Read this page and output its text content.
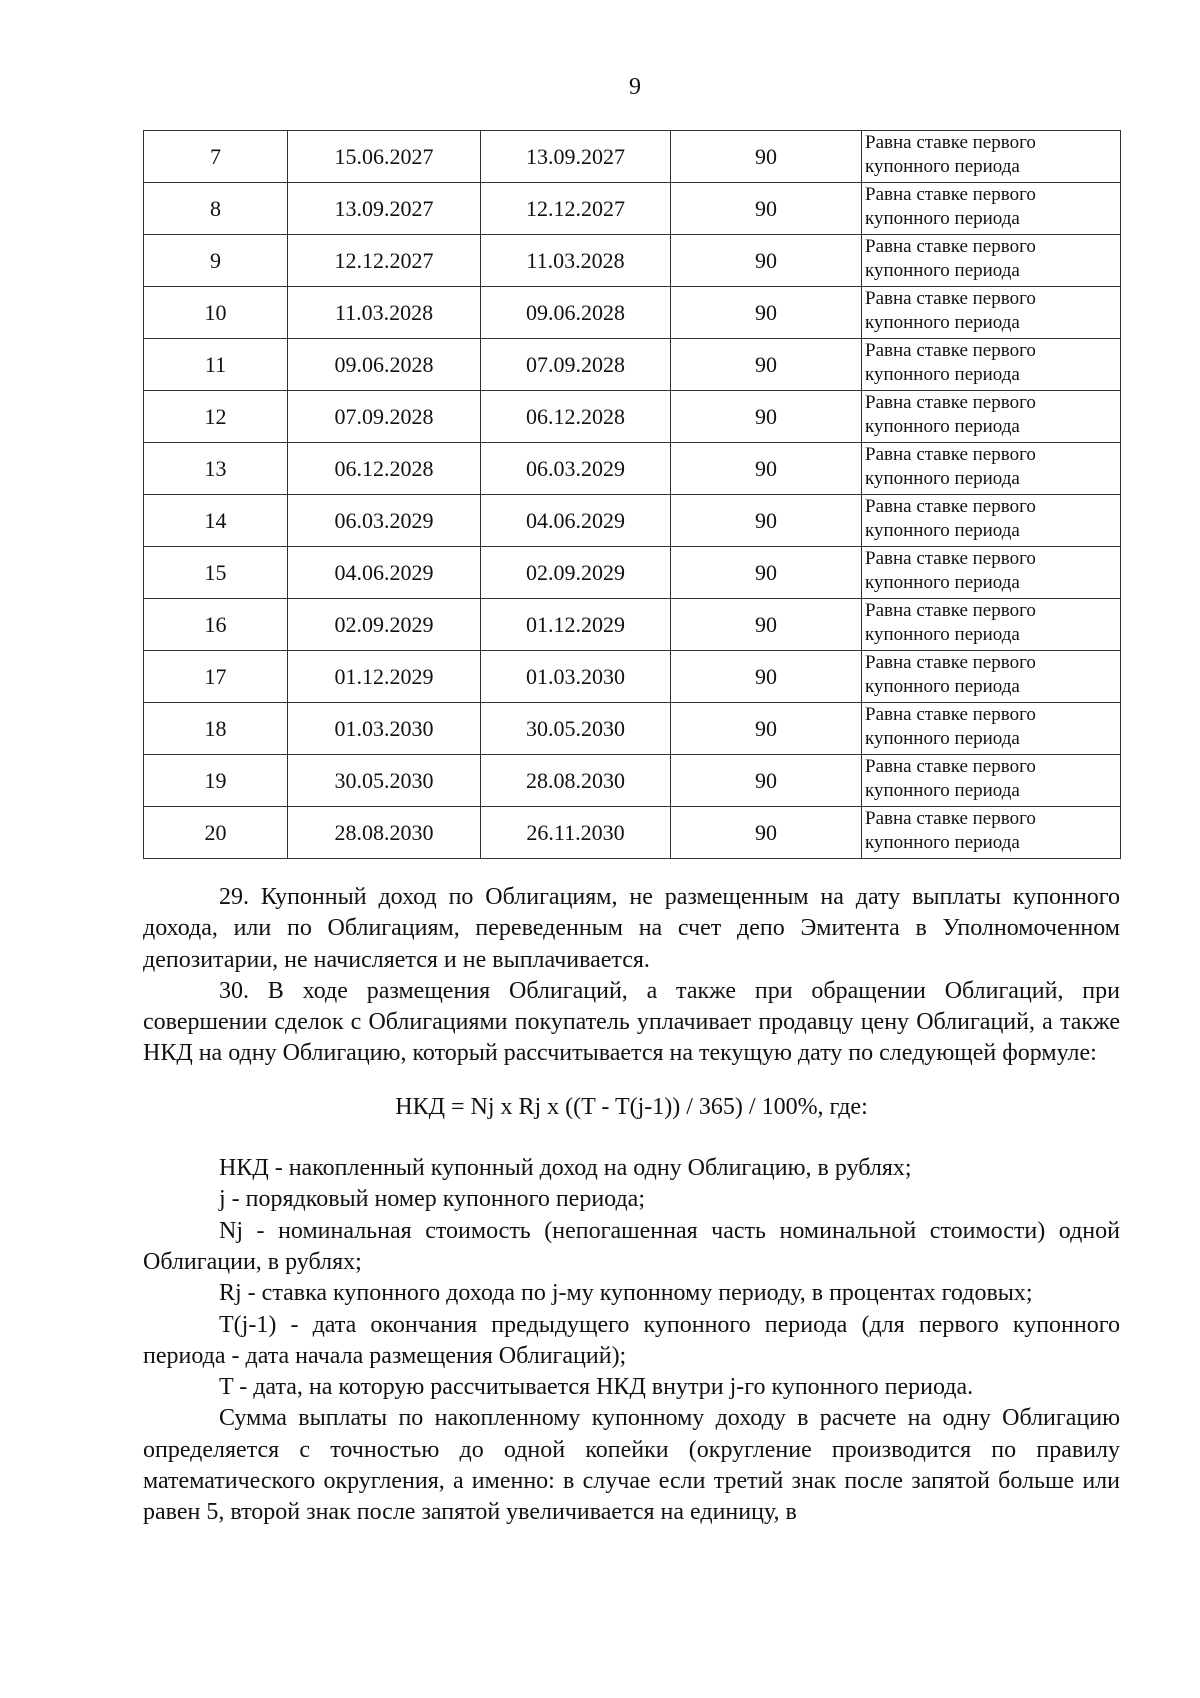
9
7	15.06.2027	13.09.2027	90	Равна ставке первого
купонного периода

8	13.09.2027	12.12.2027	90	Равна ставке первого
купонного периода

9	12.12.2027	11.03.2028	90	Равна ставке первого
купонного периода

10	11.03.2028	09.06.2028	90	Равна ставке первого
купонного периода

11	09.06.2028	07.09.2028	90	Равна ставке первого
купонного периода

12	07.09.2028	06.12.2028	90	Равна ставке первого
купонного периода

13	06.12.2028	06.03.2029	90	Равна ставке первого
купонного периода

14	06.03.2029	04.06.2029	90	Равна ставке первого
купонного периода

15	04.06.2029	02.09.2029	90	Равна ставке первого
купонного периода

16	02.09.2029	01.12.2029	90	Равна ставке первого
купонного периода

17	01.12.2029	01.03.2030	90	Равна ставке первого
купонного периода

18	01.03.2030	30.05.2030	90	Равна ставке первого
купонного периода

19	30.05.2030	28.08.2030	90	Равна ставке первого
купонного периода

20	28.08.2030	26.11.2030	90	Равна ставке первого
купонного периода

29. Купонный доход по Облигациям, не размещенным на дату выплаты купонного дохода, или по Облигациям, переведенным на счет депо Эмитента в Уполномоченном депозитарии, не начисляется и не выплачивается.

30. В ходе размещения Облигаций, а также при обращении Облигаций, при совершении сделок с Облигациями покупатель уплачивает продавцу цену Облигаций, а также НКД на одну Облигацию, который рассчитывается на текущую дату по следующей формуле:

НКД = Nj x Rj x ((T - T(j-1)) / 365) / 100%, где:

НКД - накопленный купонный доход на одну Облигацию, в рублях;

j - порядковый номер купонного периода;

Nj - номинальная стоимость (непогашенная часть номинальной стоимости) одной Облигации, в рублях;

Rj - ставка купонного дохода по j-му купонному периоду, в процентах годовых;

T(j-1) - дата окончания предыдущего купонного периода (для первого купонного периода - дата начала размещения Облигаций);

T - дата, на которую рассчитывается НКД внутри j-го купонного периода.

Сумма выплаты по накопленному купонному доходу в расчете на одну Облигацию определяется с точностью до одной копейки (округление производится по правилу математического округления, а именно: в случае если третий знак после запятой больше или равен 5, второй знак после запятой увеличивается на единицу, в
